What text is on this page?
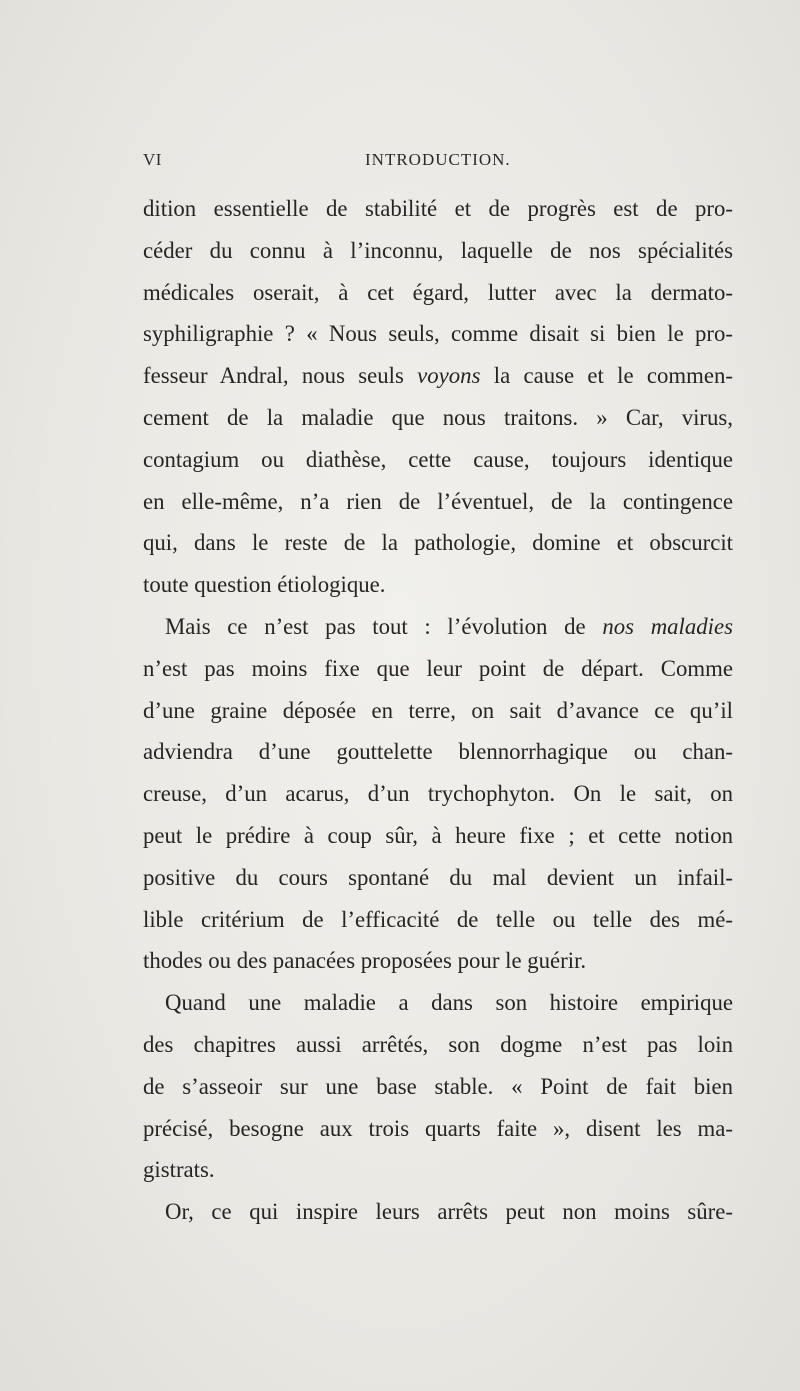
VI	INTRODUCTION.
dition essentielle de stabilité et de progrès est de pro-
céder du connu à l’inconnu, laquelle de nos spécialités
médicales oserait, à cet égard, lutter avec la dermato-
syphiligraphie ? « Nous seuls, comme disait si bien le pro-
fesseur Andral, nous seuls voyons la cause et le commen-
cement de la maladie que nous traitons. » Car, virus,
contagium ou diathèse, cette cause, toujours identique
en elle-même, n’a rien de l’éventuel, de la contingence
qui, dans le reste de la pathologie, domine et obscurcit
toute question étiologique.
Mais ce n’est pas tout : l’évolution de nos maladies
n’est pas moins fixe que leur point de départ. Comme
d’une graine déposée en terre, on sait d’avance ce qu’il
adviendra d’une gouttelette blennorrhagique ou chan-
creuse, d’un acarus, d’un trychophyton. On le sait, on
peut le prédire à coup sûr, à heure fixe ; et cette notion
positive du cours spontané du mal devient un infail-
lible critérium de l’efficacité de telle ou telle des mé-
thodes ou des panacées proposées pour le guérir.
Quand une maladie a dans son histoire empirique
des chapitres aussi arrêtés, son dogme n’est pas loin
de s’asseoir sur une base stable. « Point de fait bien
précisé, besogne aux trois quarts faite », disent les ma-
gistrats.
Or, ce qui inspire leurs arrêts peut non moins sûre-
